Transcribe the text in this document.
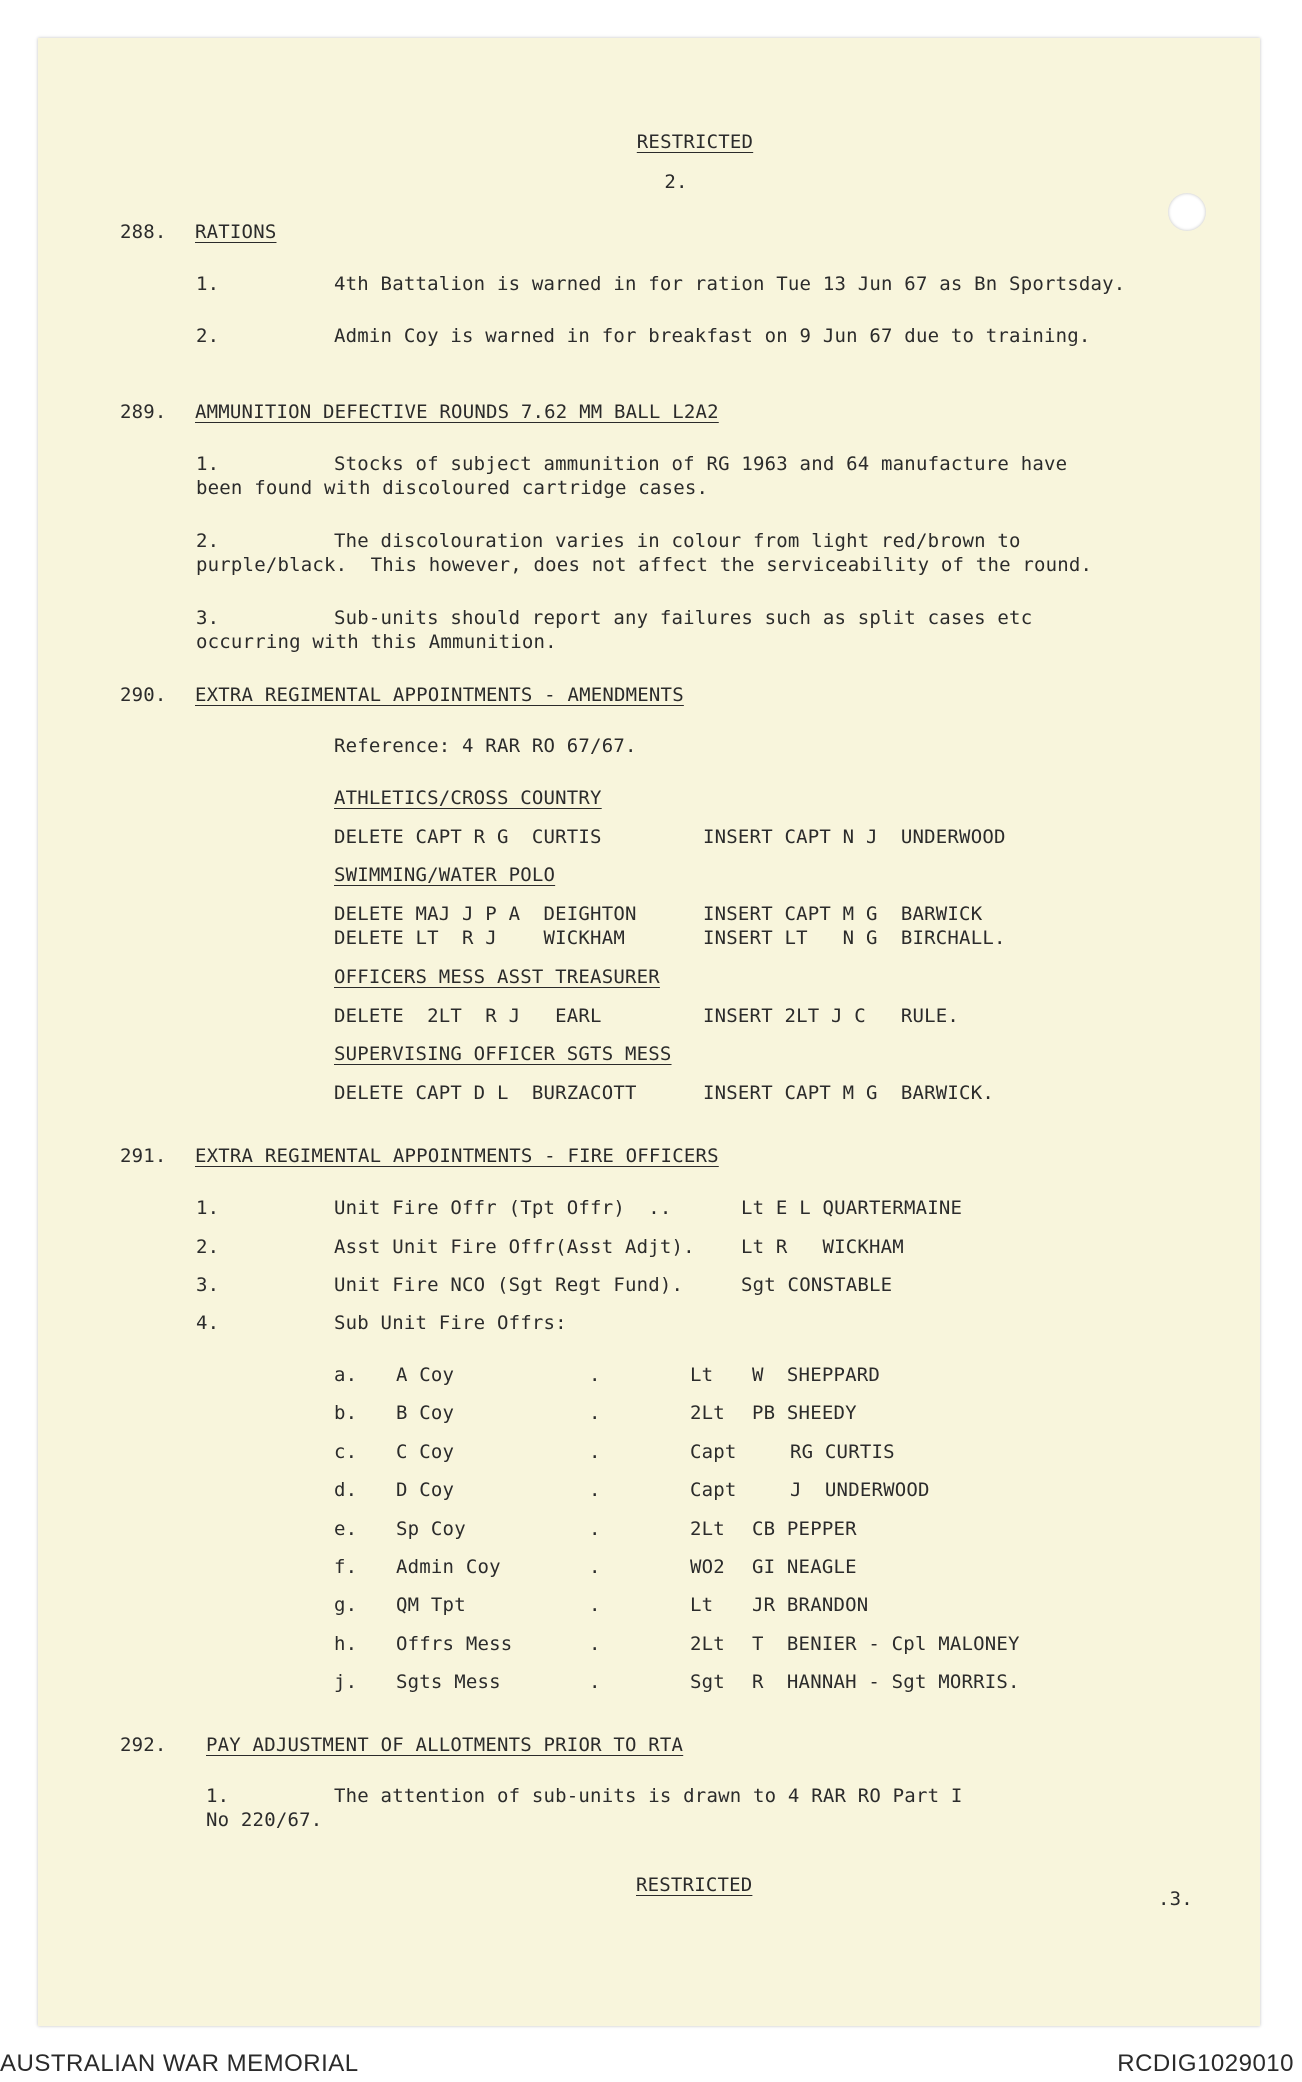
RESTRICTED
2.
288. RATIONS
1.	4th Battalion is warned in for ration Tue 13 Jun 67 as Bn Sportsday.
2.	Admin Coy is warned in for breakfast on 9 Jun 67 due to training.
289. AMMUNITION DEFECTIVE ROUNDS 7.62 MM BALL L2A2
1.	Stocks of subject ammunition of RG 1963 and 64 manufacture have
been found with discoloured cartridge cases.
2.	The discolouration varies in colour from light red/brown to
purple/black.  This however, does not affect the serviceability of the round.
3.	Sub-units should report any failures such as split cases etc
occurring with this Ammunition.
290. EXTRA REGIMENTAL APPOINTMENTS - AMENDMENTS
Reference: 4 RAR RO 67/67.
ATHLETICS/CROSS COUNTRY
DELETE CAPT R G  CURTIS	INSERT CAPT N J  UNDERWOOD
SWIMMING/WATER POLO
DELETE MAJ J P A  DEIGHTON	INSERT CAPT M G  BARWICK
DELETE LT  R J    WICKHAM	INSERT LT   N G  BIRCHALL.
OFFICERS MESS ASST TREASURER
DELETE  2LT  R J   EARL	INSERT 2LT J C   RULE.
SUPERVISING OFFICER SGTS MESS
DELETE CAPT D L  BURZACOTT	INSERT CAPT M G  BARWICK.
291. EXTRA REGIMENTAL APPOINTMENTS - FIRE OFFICERS
1.	Unit Fire Offr (Tpt Offr)  ..	Lt E L QUARTERMAINE
2.	Asst Unit Fire Offr(Asst Adjt). Lt R   WICKHAM
3.	Unit Fire NCO (Sgt Regt Fund).	Sgt CONSTABLE
4.	Sub Unit Fire Offrs:
a. A Coy	.	Lt W  SHEPPARD
b. B Coy	.	2Lt PB SHEEDY
c. C Coy	.	Capt	RG CURTIS
d. D Coy	.	Capt	J  UNDERWOOD
e. Sp Coy	.	2Lt CB PEPPER
f. Admin Coy	.	WO2 GI NEAGLE
g. QM Tpt	.	Lt JR BRANDON
h. Offrs Mess	.	2Lt T  BENIER - Cpl MALONEY
j. Sgts Mess	.	Sgt R  HANNAH - Sgt MORRIS.
292. PAY ADJUSTMENT OF ALLOTMENTS PRIOR TO RTA
1.	The attention of sub-units is drawn to 4 RAR RO Part I
No 220/67.
RESTRICTED
.3.
AUSTRALIAN WAR MEMORIAL	RCDIG1029010
